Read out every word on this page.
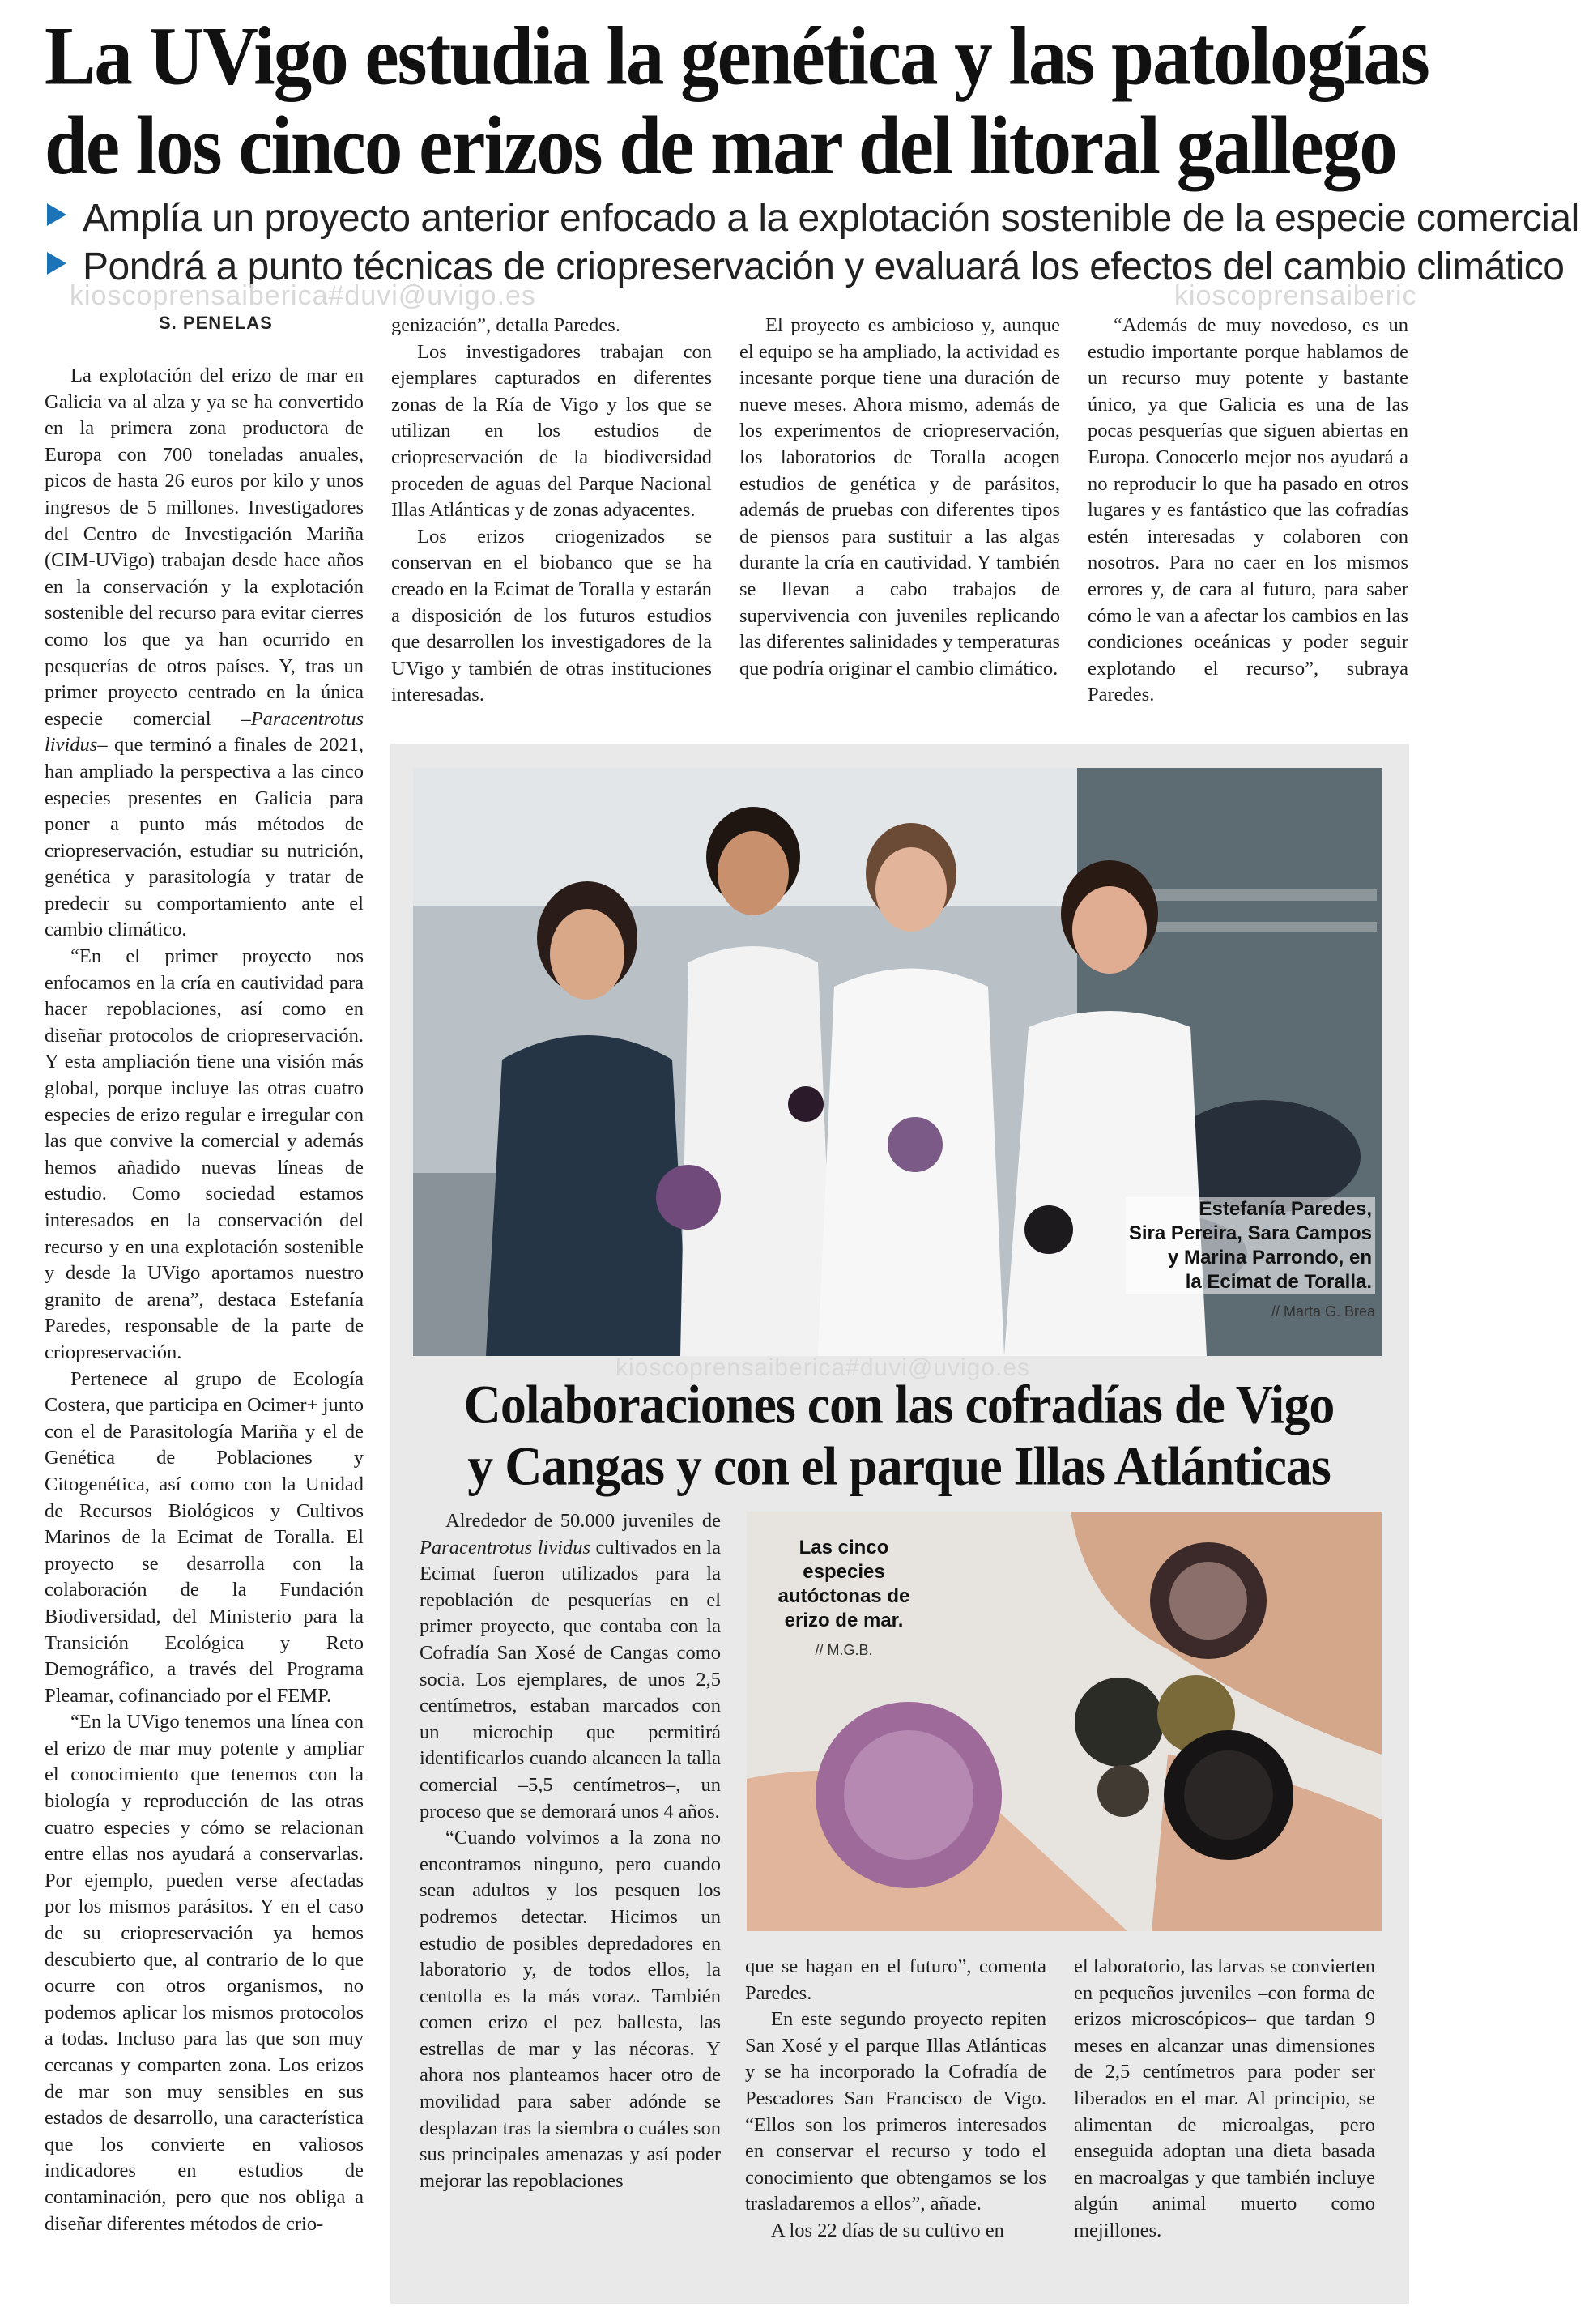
La UVigo estudia la genética y las patologías
de los cinco erizos de mar del litoral gallego
Amplía un proyecto anterior enfocado a la explotación sostenible de la especie comercial
Pondrá a punto técnicas de criopreservación y evaluará los efectos del cambio climático
kioscoprensaiberica#duvi@uvigo.es	kioscoprensaiberic
S. PENELAS

La explotación del erizo de mar en Galicia va al alza y ya se ha convertido en la primera zona productora de Europa con 700 toneladas anuales, picos de hasta 26 euros por kilo y unos ingresos de 5 millones. Investigadores del Centro de Investigación Mariña (CIM-UVigo) trabajan desde hace años en la conservación y la explotación sostenible del recurso para evitar cierres como los que ya han ocurrido en pesquerías de otros países. Y, tras un primer proyecto centrado en la única especie comercial –Paracentrotus lividus– que terminó a finales de 2021, han ampliado la perspectiva a las cinco especies presentes en Galicia para poner a punto más métodos de criopreservación, estudiar su nutrición, genética y parasitología y tratar de predecir su comportamiento ante el cambio climático.

“En el primer proyecto nos enfocamos en la cría en cautividad para hacer repoblaciones, así como en diseñar protocolos de criopreservación. Y esta ampliación tiene una visión más global, porque incluye las otras cuatro especies de erizo regular e irregular con las que convive la comercial y además hemos añadido nuevas líneas de estudio. Como sociedad estamos interesados en la conservación del recurso y en una explotación sostenible y desde la UVigo aportamos nuestro granito de arena”, destaca Estefanía Paredes, responsable de la parte de criopreservación.

Pertenece al grupo de Ecología Costera, que participa en Ocimer+ junto con el de Parasitología Mariña y el de Genética de Poblaciones y Citogenética, así como con la Unidad de Recursos Biológicos y Cultivos Marinos de la Ecimat de Toralla. El proyecto se desarrolla con la colaboración de la Fundación Biodiversidad, del Ministerio para la Transición Ecológica y Reto Demográfico, a través del Programa Pleamar, cofinanciado por el FEMP.

“En la UVigo tenemos una línea con el erizo de mar muy potente y ampliar el conocimiento que tenemos con la biología y reproducción de las otras cuatro especies y cómo se relacionan entre ellas nos ayudará a conservarlas. Por ejemplo, pueden verse afectadas por los mismos parásitos. Y en el caso de su criopreservación ya hemos descubierto que, al contrario de lo que ocurre con otros organismos, no podemos aplicar los mismos protocolos a todas. Incluso para las que son muy cercanas y comparten zona. Los erizos de mar son muy sensibles en sus estados de desarrollo, una característica que los convierte en valiosos indicadores en estudios de contaminación, pero que nos obliga a diseñar diferentes métodos de crio-

genización”, detalla Paredes.

Los investigadores trabajan con ejemplares capturados en diferentes zonas de la Ría de Vigo y los que se utilizan en los estudios de criopreservación de la biodiversidad proceden de aguas del Parque Nacional Illas Atlánticas y de zonas adyacentes.

Los erizos criogenizados se conservan en el biobanco que se ha creado en la Ecimat de Toralla y estarán a disposición de los futuros estudios que desarrollen los investigadores de la UVigo y también de otras instituciones interesadas.

El proyecto es ambicioso y, aunque el equipo se ha ampliado, la actividad es incesante porque tiene una duración de nueve meses. Ahora mismo, además de los experimentos de criopreservación, los laboratorios de Toralla acogen estudios de genética y de parásitos, además de pruebas con diferentes tipos de piensos para sustituir a las algas durante la cría en cautividad. Y también se llevan a cabo trabajos de supervivencia con juveniles replicando las diferentes salinidades y temperaturas que podría originar el cambio climático.

“Además de muy novedoso, es un estudio importante porque hablamos de un recurso muy potente y bastante único, ya que Galicia es una de las pocas pesquerías que siguen abiertas en Europa. Conocerlo mejor nos ayudará a no reproducir lo que ha pasado en otros lugares y es fantástico que las cofradías estén interesadas y colaboren con nosotros. Para no caer en los mismos errores y, de cara al futuro, para saber cómo le van a afectar los cambios en las condiciones oceánicas y poder seguir explotando el recurso”, subraya Paredes.

Estefanía Paredes,
Sira Pereira, Sara Campos
y Marina Parrondo, en
la Ecimat de Toralla.
// Marta G. Brea
kioscoprensaiberica#duvi@uvigo.es
Colaboraciones con las cofradías de Vigo
y Cangas y con el parque Illas Atlánticas
Las cinco
especies
autóctonas de
erizo de mar.
// M.G.B.

Alrededor de 50.000 juveniles de Paracentrotus lividus cultivados en la Ecimat fueron utilizados para la repoblación de pesquerías en el primer proyecto, que contaba con la Cofradía San Xosé de Cangas como socia. Los ejemplares, de unos 2,5 centímetros, estaban marcados con un microchip que permitirá identificarlos cuando alcancen la talla comercial –5,5 centímetros–, un proceso que se demorará unos 4 años.

“Cuando volvimos a la zona no encontramos ninguno, pero cuando sean adultos y los pesquen los podremos detectar. Hicimos un estudio de posibles depredadores en laboratorio y, de todos ellos, la centolla es la más voraz. También comen erizo el pez ballesta, las estrellas de mar y las nécoras. Y ahora nos planteamos hacer otro de movilidad para saber adónde se desplazan tras la siembra o cuáles son sus principales amenazas y así poder mejorar las repoblaciones

que se hagan en el futuro”, comenta Paredes.

En este segundo proyecto repiten San Xosé y el parque Illas Atlánticas y se ha incorporado la Cofradía de Pescadores San Francisco de Vigo. “Ellos son los primeros interesados en conservar el recurso y todo el conocimiento que obtengamos se los trasladaremos a ellos”, añade.

A los 22 días de su cultivo en

el laboratorio, las larvas se convierten en pequeños juveniles –con forma de erizos microscópicos– que tardan 9 meses en alcanzar unas dimensiones de 2,5 centímetros para poder ser liberados en el mar. Al principio, se alimentan de microalgas, pero enseguida adoptan una dieta basada en macroalgas y que también incluye algún animal muerto como mejillones.
